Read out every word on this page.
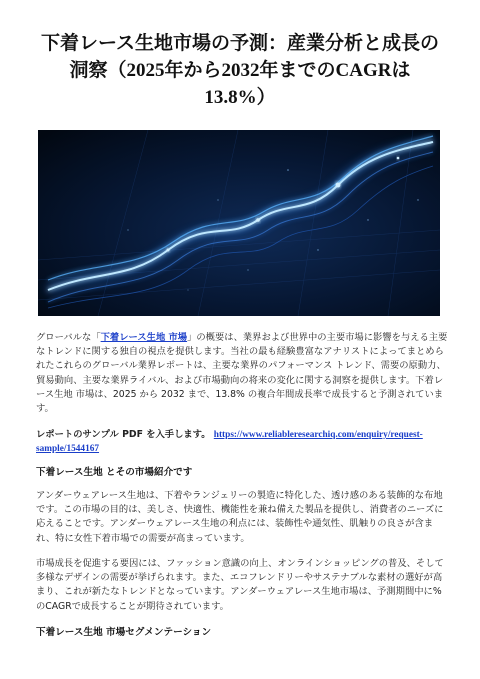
下着レース生地市場の予測：産業分析と成長の
洞察（2025年から2032年までのCAGRは
13.8%）

グローバルな「下着レース生地 市場」の概要は、業界および世界中の主要市場に影響を与える主要なトレンドに関する独自の視点を提供します。当社の最も経験豊富なアナリストによってまとめられたこれらのグローバル業界レポートは、主要な業界のパフォーマンス トレンド、需要の原動力、貿易動向、主要な業界ライバル、および市場動向の将来の変化に関する洞察を提供します。下着レース生地 市場は、2025 から 2032 まで、13.8% の複合年間成長率で成長すると予測されています。

レポートのサンプル PDF を入手します。 https://www.reliableresearchiq.com/enquiry/request-sample/1544167

下着レース生地 とその市場紹介です

アンダーウェアレース生地は、下着やランジェリーの製造に特化した、透け感のある装飾的な布地です。この市場の目的は、美しさ、快適性、機能性を兼ね備えた製品を提供し、消費者のニーズに応えることです。アンダーウェアレース生地の利点には、装飾性や通気性、肌触りの良さが含まれ、特に女性下着市場での需要が高まっています。

市場成長を促進する要因には、ファッション意識の向上、オンラインショッピングの普及、そして多様なデザインの需要が挙げられます。また、エコフレンドリーやサステナブルな素材の選好が高まり、これが新たなトレンドとなっています。アンダーウェアレース生地市場は、予測期間中に%のCAGRで成長することが期待されています。

下着レース生地 市場セグメンテーション
